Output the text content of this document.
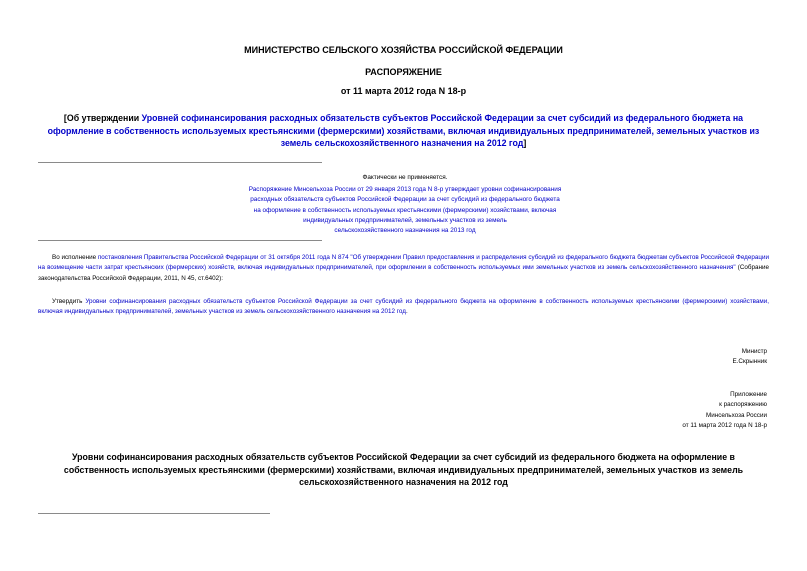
МИНИСТЕРСТВО СЕЛЬСКОГО ХОЗЯЙСТВА РОССИЙСКОЙ ФЕДЕРАЦИИ
РАСПОРЯЖЕНИЕ
от 11 марта 2012 года N 18-р
[Об утверждении Уровней софинансирования расходных обязательств субъектов Российской Федерации за счет субсидий из федерального бюджета на оформление в собственность используемых крестьянскими (фермерскими) хозяйствами, включая индивидуальных предпринимателей, земельных участков из земель сельскохозяйственного назначения на 2012 год]
Фактически не применяется.
Распоряжение Минсельхоза России от 29 января 2013 года N 8-р утверждает уровни софинансирования
расходных обязательств субъектов Российской Федерации за счет субсидий из федерального бюджета
на оформление в собственность используемых крестьянскими (фермерскими) хозяйствами, включая
индивидуальных предпринимателей, земельных участков из земель
сельскохозяйственного назначения на 2013 год
Во исполнение постановления Правительства Российской Федерации от 31 октября 2011 года N 874 "Об утверждении Правил предоставления и распределения субсидий из федерального бюджета бюджетам субъектов Российской Федерации на возмещение части затрат крестьянских (фермерских) хозяйств, включая индивидуальных предпринимателей, при оформлении в собственность используемых ими земельных участков из земель сельскохозяйственного назначения" (Собрание законодательства Российской Федерации, 2011, N 45, ст.6402):
Утвердить Уровни софинансирования расходных обязательств субъектов Российской Федерации за счет субсидий из федерального бюджета на оформление в собственность используемых крестьянскими (фермерскими) хозяйствами, включая индивидуальных предпринимателей, земельных участков из земель сельскохозяйственного назначения на 2012 год.
Министр
Е.Скрынник
Приложение
к распоряжению
Минсельхоза России
от 11 марта 2012 года N 18-р
Уровни софинансирования расходных обязательств субъектов Российской Федерации за счет субсидий из федерального бюджета на оформление в собственность используемых крестьянскими (фермерскими) хозяйствами, включая индивидуальных предпринимателей, земельных участков из земель сельскохозяйственного назначения на 2012 год
